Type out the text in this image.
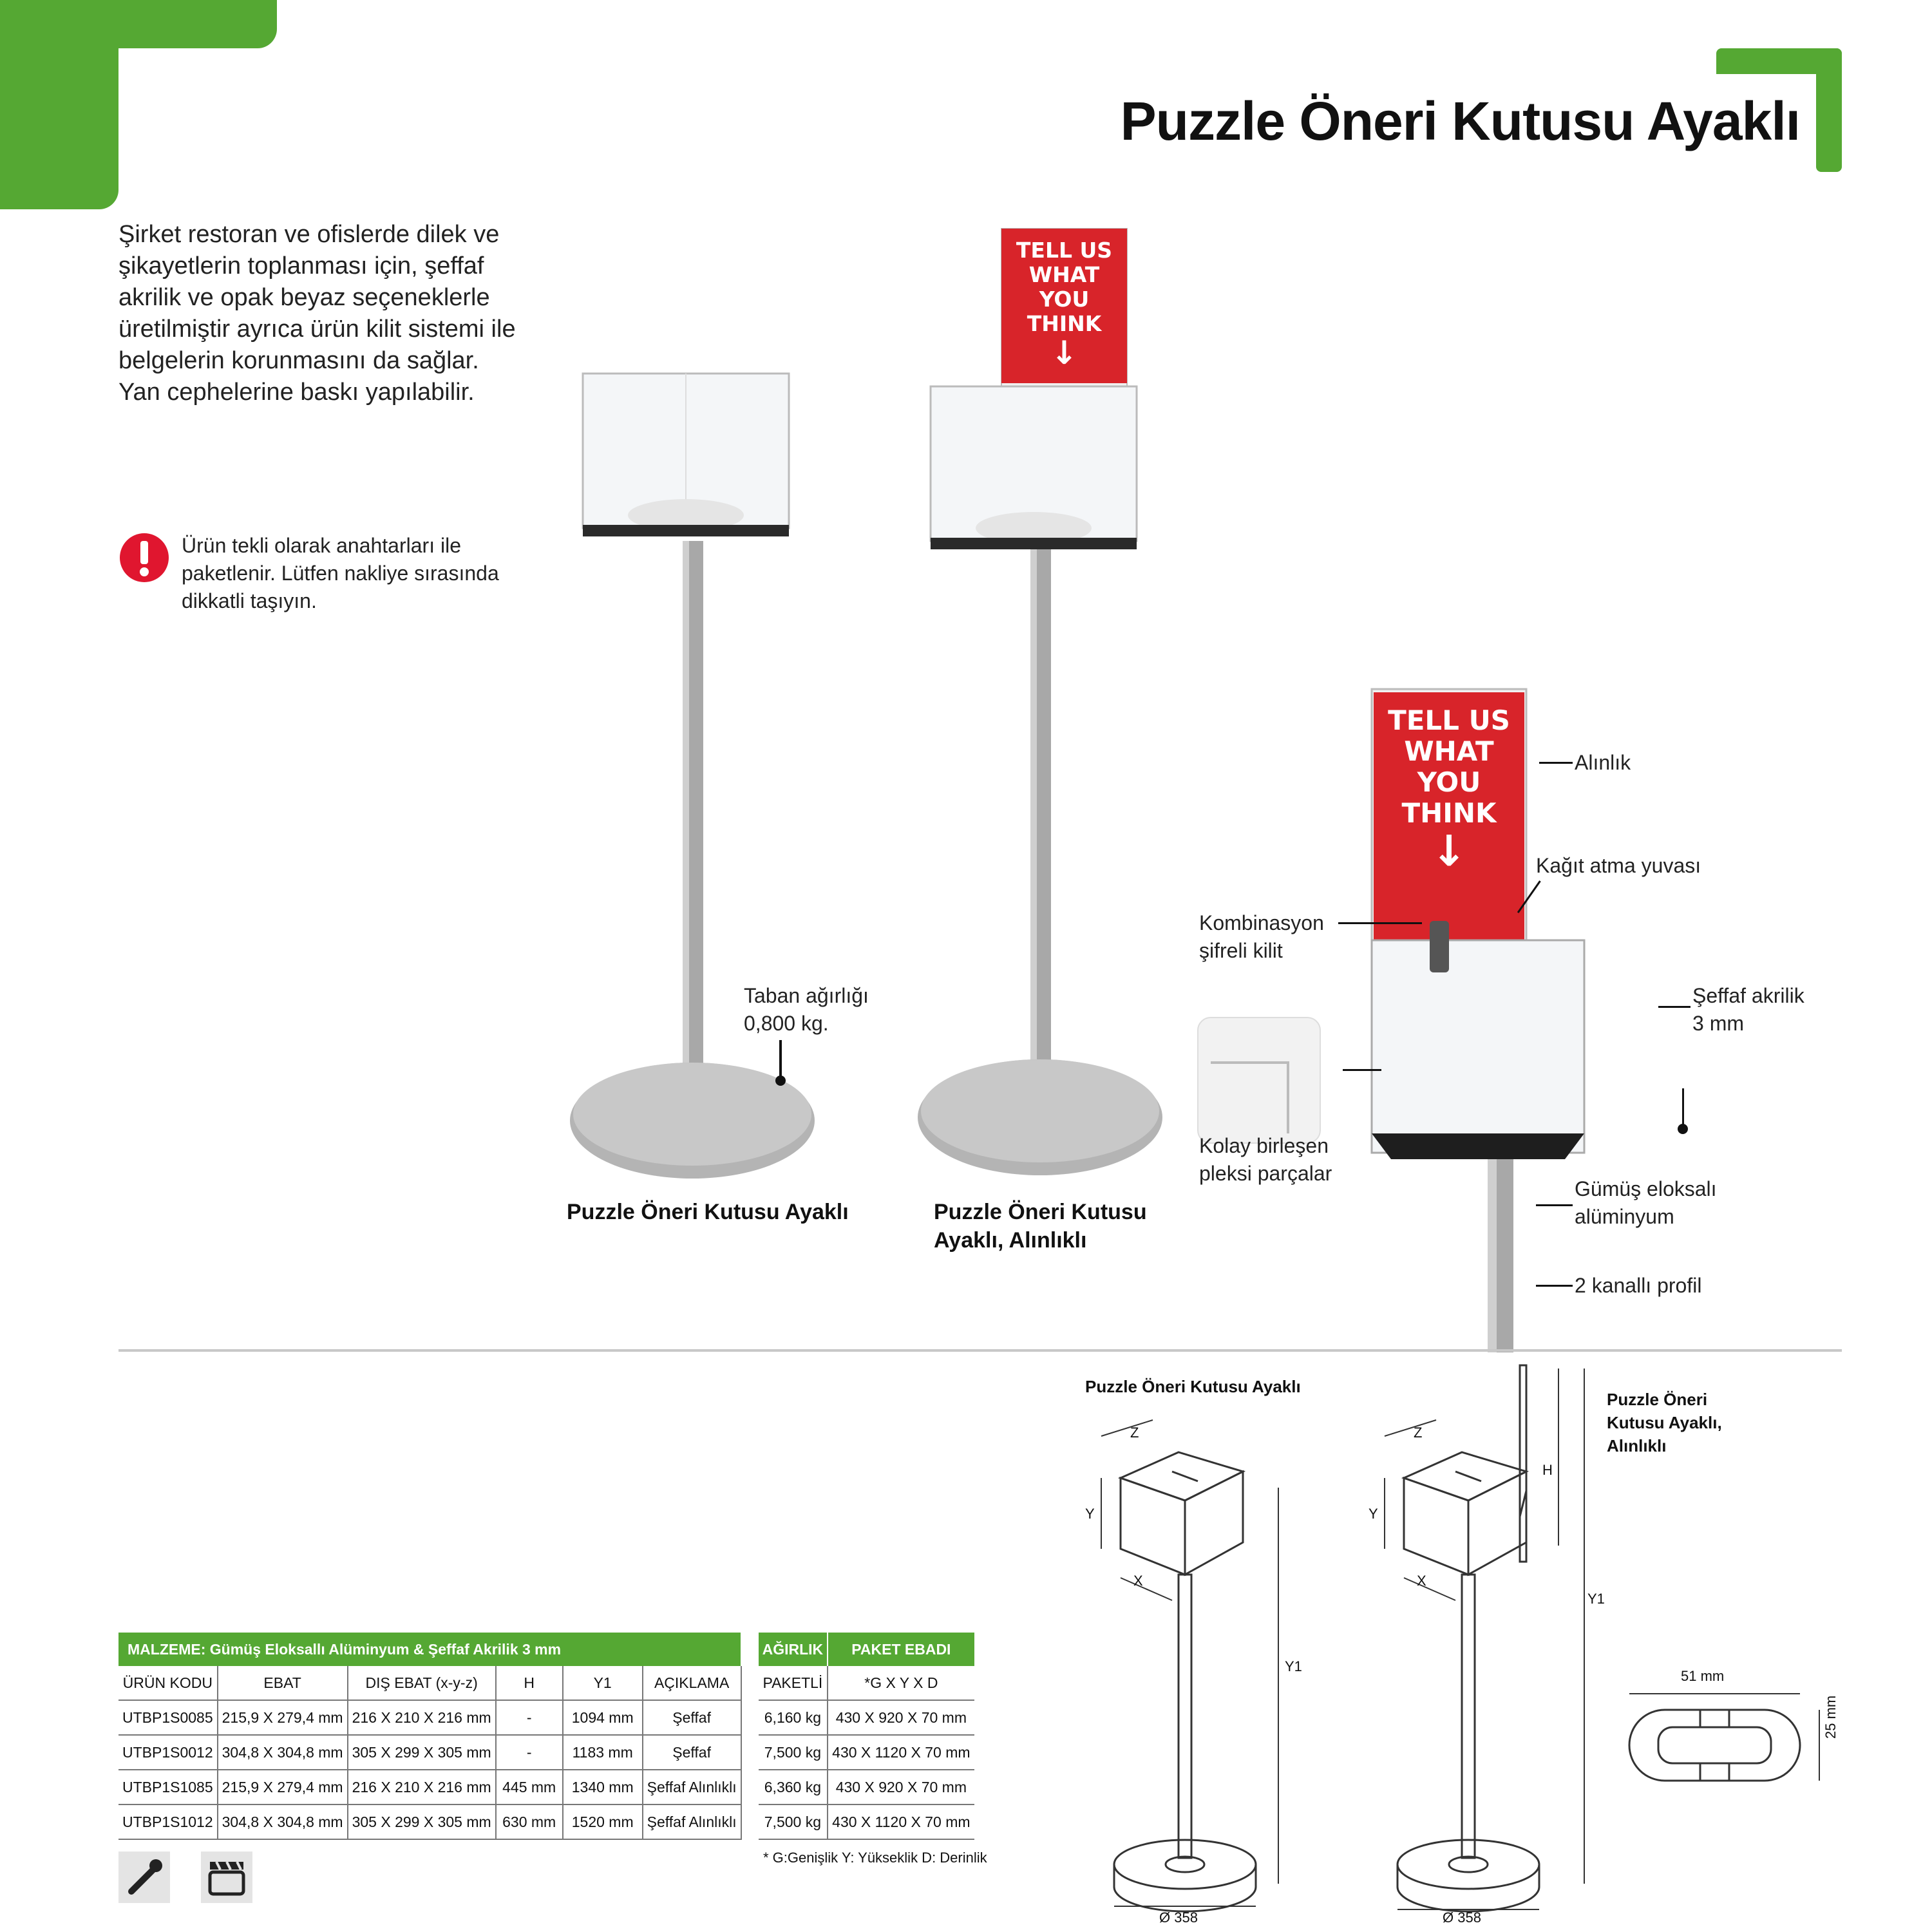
Puzzle Öneri Kutusu Ayaklı
Şirket restoran ve ofislerde dilek ve şikayetlerin toplanması için, şeffaf akrilik ve opak beyaz seçeneklerle üretilmiştir ayrıca ürün kilit sistemi ile belgelerin korunmasını da sağlar. Yan cephelerine baskı yapılabilir.
Ürün tekli olarak anahtarları ile paketlenir. Lütfen nakliye sırasında dikkatli taşıyın.
TELL US
WHAT
YOU
THINK
↓
Puzzle Öneri Kutusu Ayaklı	Puzzle Öneri Kutusu
Ayaklı, Alınlıklı
Taban ağırlığı
0,800 kg.
TELL US
WHAT
YOU
THINK
↓
Alınlık
Kağıt atma yuvası
Kombinasyon
şifreli kilit
Şeffaf akrilik
3 mm
Kolay birleşen
pleksi parçalar
Gümüş eloksalı
alüminyum
2 kanallı profil
Puzzle Öneri Kutusu Ayaklı
Puzzle Öneri
Kutusu Ayaklı,
Alınlıklı
Z
Y
X
Y1
Ø 358
Z
Y
X
H
Y1
Ø 358
51 mm
25 mm
MALZEME: Gümüş Eloksallı Alüminyum & Şeffaf Akrilik 3 mm							AĞIRLIK	PAKET EBADI
ÜRÜN KODU	EBAT	DIŞ EBAT (x-y-z)	H	Y1	AÇIKLAMA		PAKETLİ	*G X Y X D
UTBP1S0085	215,9 X 279,4 mm	216 X 210 X 216 mm	-	1094 mm	Şeffaf		6,160 kg	430 X 920 X 70 mm
UTBP1S0012	304,8 X 304,8 mm	305 X 299 X 305 mm	-	1183 mm	Şeffaf		7,500 kg	430 X 1120 X 70 mm
UTBP1S1085	215,9 X 279,4 mm	216 X 210 X 216 mm	445 mm	1340 mm	Şeffaf Alınlıklı		6,360 kg	430 X 920 X 70 mm
UTBP1S1012	304,8 X 304,8 mm	305 X 299 X 305 mm	630 mm	1520 mm	Şeffaf Alınlıklı		7,500 kg	430 X 1120 X 70 mm
* G:Genişlik Y: Yükseklik D: Derinlik
